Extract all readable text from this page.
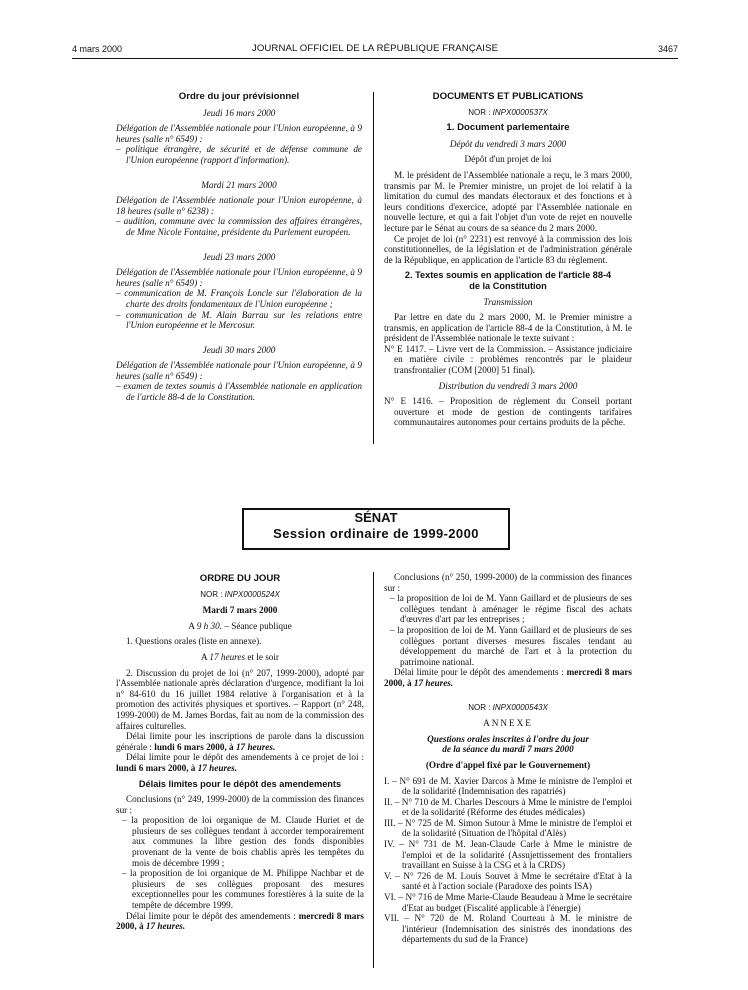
4 mars 2000	JOURNAL OFFICIEL DE LA RÉPUBLIQUE FRANÇAISE	3467
Ordre du jour prévisionnel
Jeudi 16 mars 2000
Délégation de l'Assemblée nationale pour l'Union européenne, à 9 heures (salle n° 6549) :
– politique étrangère, de sécurité et de défense commune de l'Union européenne (rapport d'information).
Mardi 21 mars 2000
Délégation de l'Assemblée nationale pour l'Union européenne, à 18 heures (salle n° 6238) :
– audition, commune avec la commission des affaires étrangères, de Mme Nicole Fontaine, présidente du Parlement européen.
Jeudi 23 mars 2000
Délégation de l'Assemblée nationale pour l'Union européenne, à 9 heures (salle n° 6549) :
– communication de M. François Loncle sur l'élaboration de la charte des droits fondamentaux de l'Union européenne ;
– communication de M. Alain Barrau sur les relations entre l'Union européenne et le Mercosur.
Jeudi 30 mars 2000
Délégation de l'Assemblée nationale pour l'Union européenne, à 9 heures (salle n° 6549) :
– examen de textes soumis à l'Assemblée nationale en application de l'article 88-4 de la Constitution.
DOCUMENTS ET PUBLICATIONS
NOR : INPX0000537X
1. Document parlementaire
Dépôt du vendredi 3 mars 2000
Dépôt d'un projet de loi
M. le président de l'Assemblée nationale a reçu, le 3 mars 2000, transmis par M. le Premier ministre, un projet de loi relatif à la limitation du cumul des mandats électoraux et des fonctions et à leurs conditions d'exercice, adopté par l'Assemblée nationale en nouvelle lecture, et qui a fait l'objet d'un vote de rejet en nouvelle lecture par le Sénat au cours de sa séance du 2 mars 2000.
Ce projet de loi (n° 2231) est renvoyé à la commission des lois constitutionnelles, de la législation et de l'administration générale de la République, en application de l'article 83 du règlement.
2. Textes soumis en application de l'article 88-4
de la Constitution
Transmission
Par lettre en date du 2 mars 2000, M. le Premier ministre a transmis, en application de l'article 88-4 de la Constitution, à M. le président de l'Assemblée nationale le texte suivant :
N° E 1417. – Livre vert de la Commission. – Assistance judiciaire en matière civile : problèmes rencontrés par le plaideur transfrontalier (COM [2000] 51 final).
Distribution du vendredi 3 mars 2000
N° E 1416. – Proposition de règlement du Conseil portant ouverture et mode de gestion de contingents tarifaires communautaires autonomes pour certains produits de la pêche.
SÉNAT
Session ordinaire de 1999-2000
ORDRE DU JOUR
NOR : INPX0000524X
Mardi 7 mars 2000
A 9 h 30. – Séance publique
1. Questions orales (liste en annexe).
A 17 heures et le soir
2. Discussion du projet de loi (n° 207, 1999-2000), adopté par l'Assemblée nationale après déclaration d'urgence, modifiant la loi n° 84-610 du 16 juillet 1984 relative à l'organisation et à la promotion des activités physiques et sportives. – Rapport (n° 248, 1999-2000) de M. James Bordas, fait au nom de la commission des affaires culturelles.
Délai limite pour les inscriptions de parole dans la discussion générale : lundi 6 mars 2000, à 17 heures.
Délai limite pour le dépôt des amendements à ce projet de loi : lundi 6 mars 2000, à 17 heures.
Délais limites pour le dépôt des amendements
Conclusions (n° 249, 1999-2000) de la commission des finances sur :
– la proposition de loi organique de M. Claude Huriet et de plusieurs de ses collègues tendant à accorder temporairement aux communes la libre gestion des fonds disponibles provenant de la vente de bois chablis après les tempêtes du mois de décembre 1999 ;
– la proposition de loi organique de M. Philippe Nachbar et de plusieurs de ses collègues proposant des mesures exceptionnelles pour les communes forestières à la suite de la tempête de décembre 1999.
Délai limite pour le dépôt des amendements : mercredi 8 mars 2000, à 17 heures.
Conclusions (n° 250, 1999-2000) de la commission des finances sur :
– la proposition de loi de M. Yann Gaillard et de plusieurs de ses collègues tendant à aménager le régime fiscal des achats d'œuvres d'art par les entreprises ;
– la proposition de loi de M. Yann Gaillard et de plusieurs de ses collègues portant diverses mesures fiscales tendant au développement du marché de l'art et à la protection du patrimoine national.
Délai limite pour le dépôt des amendements : mercredi 8 mars 2000, à 17 heures.
NOR : INPX0000543X
ANNEXE
Questions orales inscrites à l'ordre du jour
de la séance du mardi 7 mars 2000
(Ordre d'appel fixé par le Gouvernement)
I. – N° 691 de M. Xavier Darcos à Mme le ministre de l'emploi et de la solidarité (Indemnisation des rapatriés)
II. – N° 710 de M. Charles Descours à Mme le ministre de l'emploi et de la solidarité (Réforme des études médicales)
III. – N° 725 de M. Simon Sutour à Mme le ministre de l'emploi et de la solidarité (Situation de l'hôpital d'Alès)
IV. – N° 731 de M. Jean-Claude Carle à Mme le ministre de l'emploi et de la solidarité (Assujettissement des frontaliers travaillant en Suisse à la CSG et à la CRDS)
V. – N° 726 de M. Louis Souvet à Mme le secrétaire d'Etat à la santé et à l'action sociale (Paradoxe des points ISA)
VI. – N° 716 de Mme Marie-Claude Beaudeau à Mme le secrétaire d'Etat au budget (Fiscalité applicable à l'énergie)
VII. – N° 720 de M. Roland Courteau à M. le ministre de l'intérieur (Indemnisation des sinistrés des inondations des départements du sud de la France)
